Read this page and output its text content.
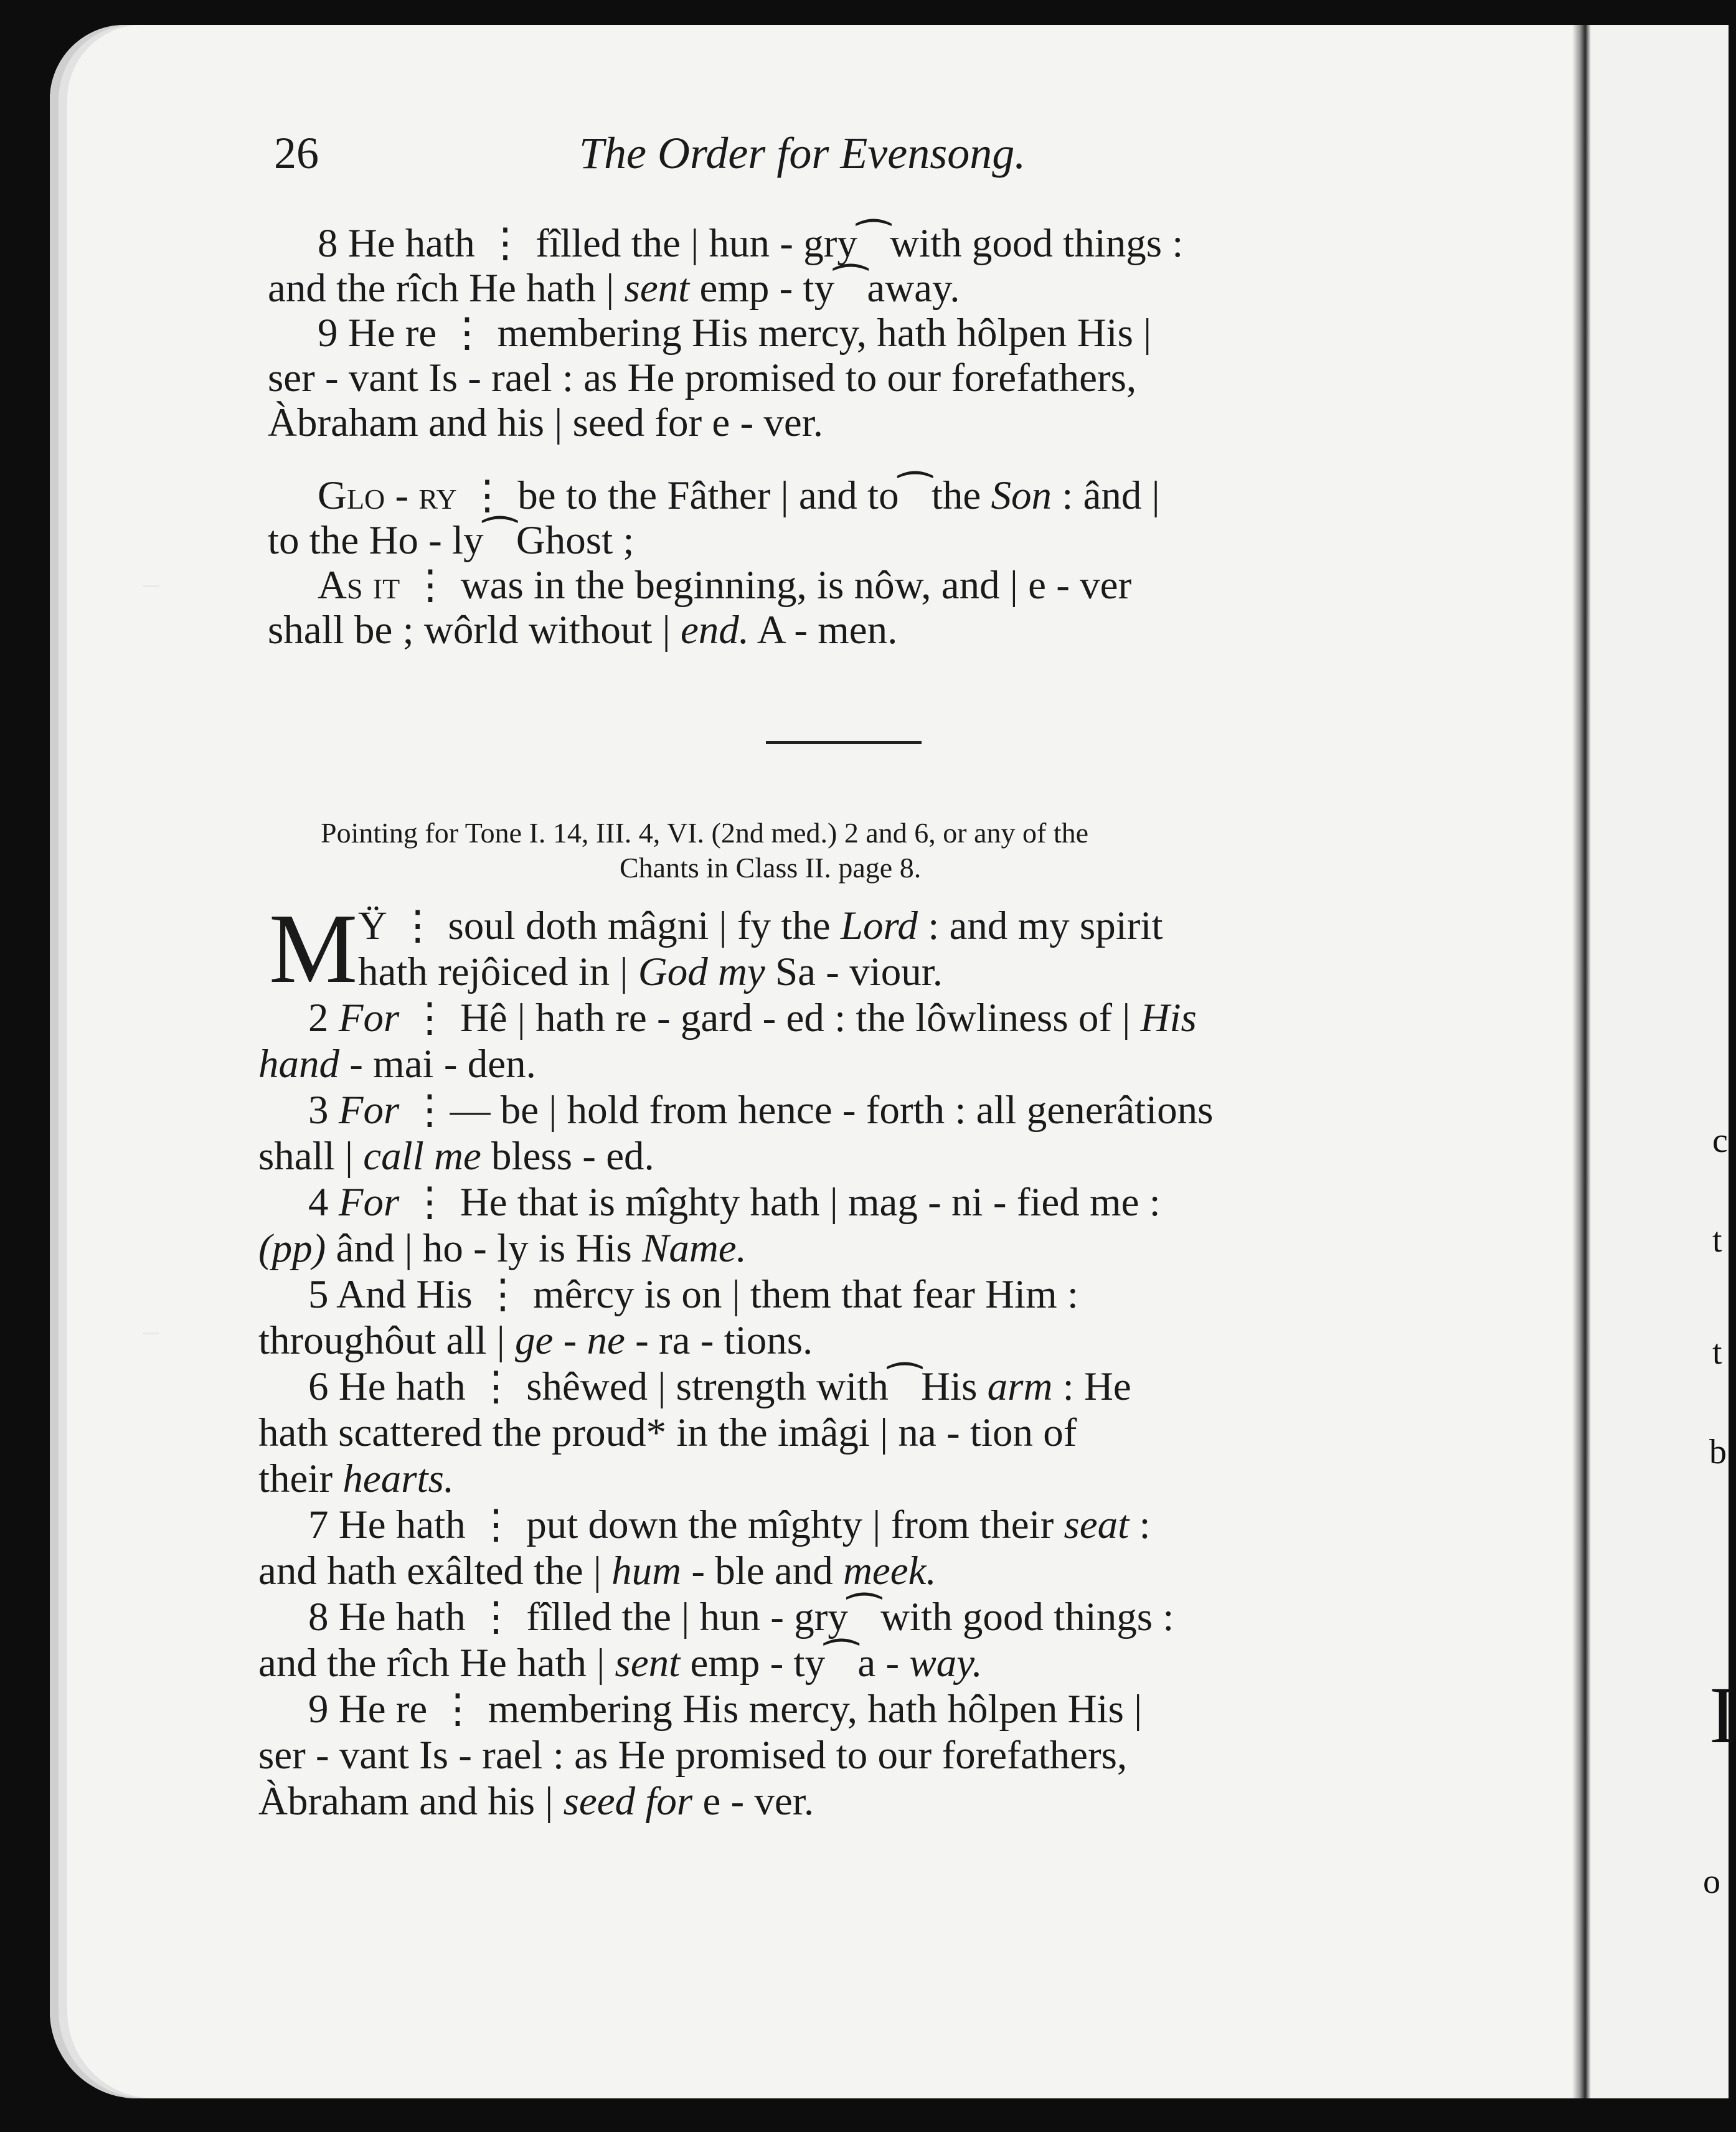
c
t
t
b
I
o
26	The Order for Evensong.
8 He hath ⋮ fîlled the | hun - gry⁀with good things :
and the rîch He hath | sent emp - ty⁀away.
9 He re ⋮ membering His mercy, hath hôlpen His |
ser - vant Is - rael : as He promised to our forefathers,
Àbraham and his | seed for e - ver.
Glo - ry ⋮ be to the Fâther | and to⁀the Son : ând |
to the Ho - ly⁀Ghost ;
As it ⋮ was in the beginning, is nôw, and | e - ver
shall be ; wôrld without | end. A - men.
Pointing for Tone I. 14, III. 4, VI. (2nd med.) 2 and 6, or any of the
Chants in Class II. page 8.
M Ÿ ⋮ soul doth mâgni | fy the Lord : and my spirit
hath rejôiced in | God my Sa - viour.
2 For ⋮ Hê | hath re - gard - ed : the lôwliness of | His
hand - mai - den.
3 For ⋮— be | hold from hence - forth : all generâtions
shall | call me bless - ed.
4 For ⋮ He that is mîghty hath | mag - ni - fied me :
(pp) ând | ho - ly is His Name.
5 And His ⋮ mêrcy is on | them that fear Him :
throughôut all | ge - ne - ra - tions.
6 He hath ⋮ shêwed | strength with⁀His arm : He
hath scattered the proud* in the imâgi | na - tion of
their hearts.
7 He hath ⋮ put down the mîghty | from their seat :
and hath exâlted the | hum - ble and meek.
8 He hath ⋮ fîlled the | hun - gry⁀with good things :
and the rîch He hath | sent emp - ty⁀a - way.
9 He re ⋮ membering His mercy, hath hôlpen His |
ser - vant Is - rael : as He promised to our forefathers,
Àbraham and his | seed for e - ver.
